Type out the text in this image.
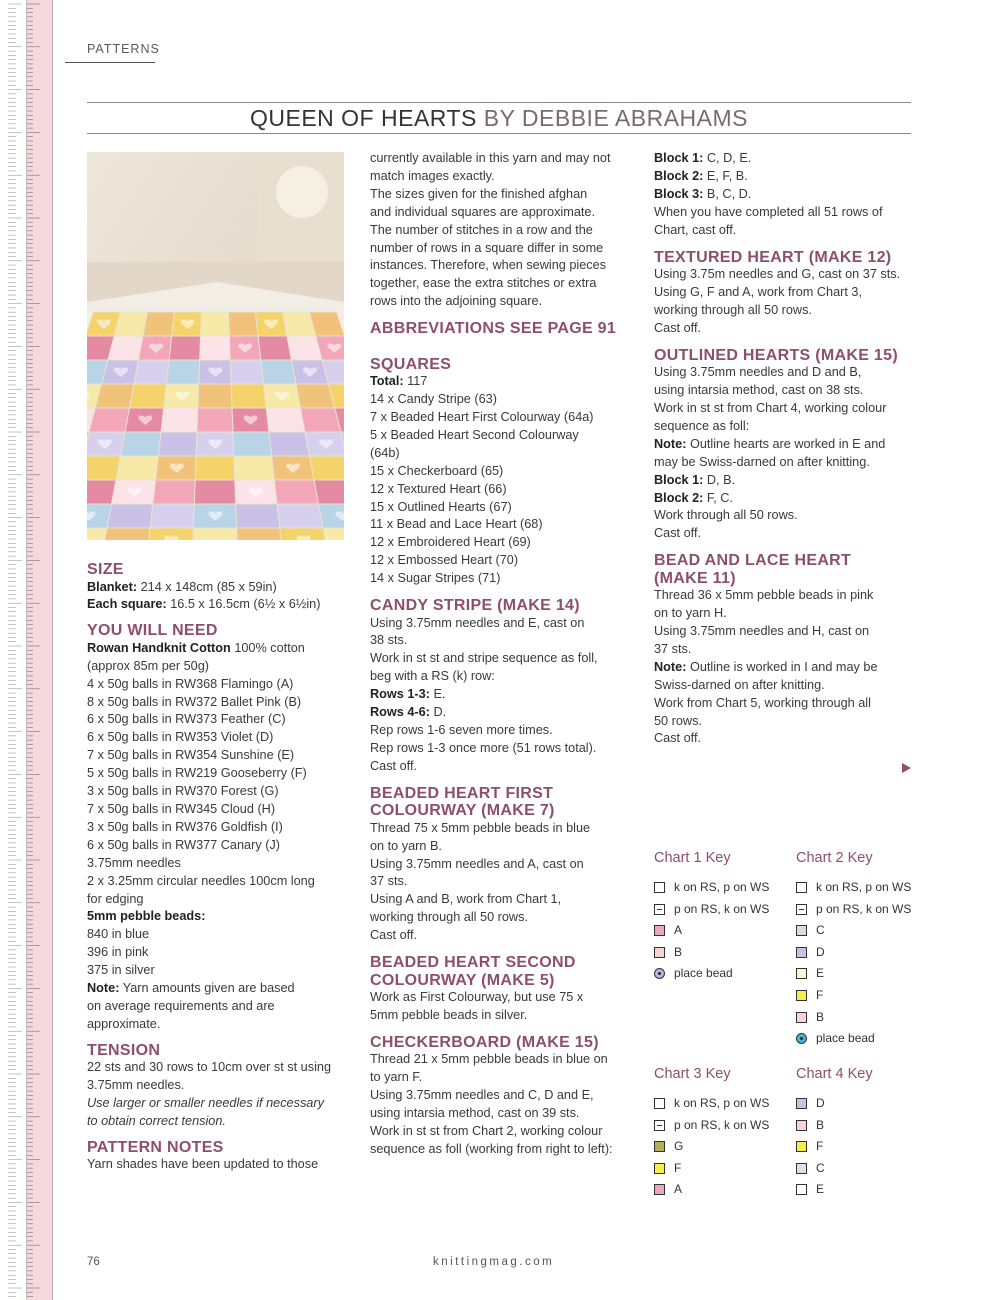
PATTERNS
QUEEN OF HEARTS BY DEBBIE ABRAHAMS

SIZE

Blanket: 214 x 148cm (85 x 59in)

Each square: 16.5 x 16.5cm (6½ x 6½in)

YOU WILL NEED

Rowan Handknit Cotton 100% cotton

(approx 85m per 50g)

4 x 50g balls in RW368 Flamingo (A)

8 x 50g balls in RW372 Ballet Pink (B)

6 x 50g balls in RW373 Feather (C)

6 x 50g balls in RW353 Violet (D)

7 x 50g balls in RW354 Sunshine (E)

5 x 50g balls in RW219 Gooseberry (F)

3 x 50g balls in RW370 Forest (G)

7 x 50g balls in RW345 Cloud (H)

3 x 50g balls in RW376 Goldfish (I)

6 x 50g balls in RW377 Canary (J)

3.75mm needles

2 x 3.25mm circular needles 100cm long

for edging

5mm pebble beads:

840 in blue

396 in pink

375 in silver

Note: Yarn amounts given are based

on average requirements and are

approximate.

TENSION

22 sts and 30 rows to 10cm over st st using

3.75mm needles.

Use larger or smaller needles if necessary

to obtain correct tension.

PATTERN NOTES

Yarn shades have been updated to those

currently available in this yarn and may not

match images exactly.

The sizes given for the finished afghan

and individual squares are approximate.

The number of stitches in a row and the

number of rows in a square differ in some

instances. Therefore, when sewing pieces

together, ease the extra stitches or extra

rows into the adjoining square.

ABBREVIATIONS SEE PAGE 91

SQUARES

Total: 117

14 x Candy Stripe (63)

7 x Beaded Heart First Colourway (64a)

5 x Beaded Heart Second Colourway

(64b)

15 x Checkerboard (65)

12 x Textured Heart (66)

15 x Outlined Hearts (67)

11 x Bead and Lace Heart (68)

12 x Embroidered Heart (69)

12 x Embossed Heart (70)

14 x Sugar Stripes (71)

CANDY STRIPE (MAKE 14)

Using 3.75mm needles and E, cast on

38 sts.

Work in st st and stripe sequence as foll,

beg with a RS (k) row:

Rows 1-3: E.

Rows 4-6: D.

Rep rows 1-6 seven more times.

Rep rows 1-3 once more (51 rows total).

Cast off.

BEADED HEART FIRST

COLOURWAY (MAKE 7)

Thread 75 x 5mm pebble beads in blue

on to yarn B.

Using 3.75mm needles and A, cast on

37 sts.

Using A and B, work from Chart 1,

working through all 50 rows.

Cast off.

BEADED HEART SECOND

COLOURWAY (MAKE 5)

Work as First Colourway, but use 75 x

5mm pebble beads in silver.

CHECKERBOARD (MAKE 15)

Thread 21 x 5mm pebble beads in blue on

to yarn F.

Using 3.75mm needles and C, D and E,

using intarsia method, cast on 39 sts.

Work in st st from Chart 2, working colour

sequence as foll (working from right to left):

Block 1: C, D, E.

Block 2: E, F, B.

Block 3: B, C, D.

When you have completed all 51 rows of

Chart, cast off.

TEXTURED HEART (MAKE 12)

Using 3.75m needles and G, cast on 37 sts.

Using G, F and A, work from Chart 3,

working through all 50 rows.

Cast off.

OUTLINED HEARTS (MAKE 15)

Using 3.75mm needles and D and B,

using intarsia method, cast on 38 sts.

Work in st st from Chart 4, working colour

sequence as foll:

Note: Outline hearts are worked in E and

may be Swiss-darned on after knitting.

Block 1: D, B.

Block 2: F, C.

Work through all 50 rows.

Cast off.

BEAD AND LACE HEART

(MAKE 11)

Thread 36 x 5mm pebble beads in pink

on to yarn H.

Using 3.75mm needles and H, cast on

37 sts.

Note: Outline is worked in I and may be

Swiss-darned on after knitting.

Work from Chart 5, working through all

50 rows.

Cast off.

Chart 1 Key
k on RS, p on WS
p on RS, k on WS
A
B
place bead
Chart 2 Key
k on RS, p on WS
p on RS, k on WS
C
D
E
F
B
place bead
Chart 3 Key
k on RS, p on WS
p on RS, k on WS
G
F
A
Chart 4 Key
D
B
F
C
E
76	knittingmag.com
